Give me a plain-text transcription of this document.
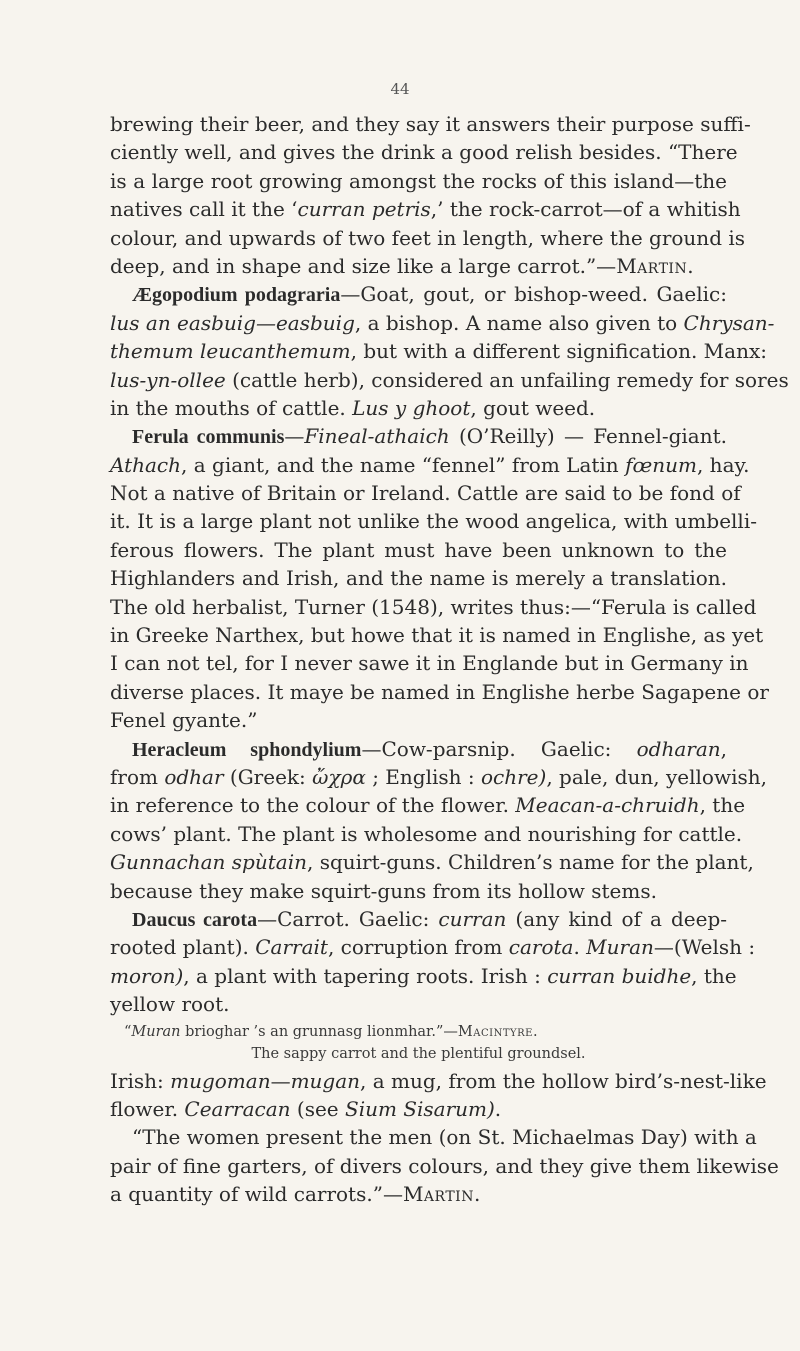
44
brewing their beer, and they say it answers their purpose suffi-
ciently well, and gives the drink a good relish besides. “There
is a large root growing amongst the rocks of this island—the
natives call it the ‘curran petris,’ the rock-carrot—of a whitish
colour, and upwards of two feet in length, where the ground is
deep, and in shape and size like a large carrot.”—Martin.
Ægopodium podagraria—Goat, gout, or bishop-weed. Gaelic:
lus an easbuig—easbuig, a bishop. A name also given to Chrysan-
themum leucanthemum, but with a different signification. Manx:
lus-yn-ollee (cattle herb), considered an unfailing remedy for sores
in the mouths of cattle. Lus y ghoot, gout weed.
Ferula communis—Fineal-athaich (O’Reilly) — Fennel-giant.
Athach, a giant, and the name “fennel” from Latin fœnum, hay.
Not a native of Britain or Ireland. Cattle are said to be fond of
it. It is a large plant not unlike the wood angelica, with umbelli-
ferous flowers. The plant must have been unknown to the
Highlanders and Irish, and the name is merely a translation.
The old herbalist, Turner (1548), writes thus:—“Ferula is called
in Greeke Narthex, but howe that it is named in Englishe, as yet
I can not tel, for I never sawe it in Englande but in Germany in
diverse places. It maye be named in Englishe herbe Sagapene or
Fenel gyante.”
Heracleum sphondylium—Cow-parsnip. Gaelic: odharan,
from odhar (Greek: ὤχρα ; English : ochre), pale, dun, yellowish,
in reference to the colour of the flower. Meacan-a-chruidh, the
cows’ plant. The plant is wholesome and nourishing for cattle.
Gunnachan spùtain, squirt-guns. Children’s name for the plant,
because they make squirt-guns from its hollow stems.
Daucus carota—Carrot. Gaelic: curran (any kind of a deep-
rooted plant). Carrait, corruption from carota. Muran—(Welsh :
moron), a plant with tapering roots. Irish : curran buidhe, the
yellow root.
“Muran brioghar ’s an grunnasg lionmhar.”—Macintyre.
The sappy carrot and the plentiful groundsel.
Irish: mugoman—mugan, a mug, from the hollow bird’s-nest-like
flower. Cearracan (see Sium Sisarum).
“The women present the men (on St. Michaelmas Day) with a
pair of fine garters, of divers colours, and they give them likewise
a quantity of wild carrots.”—Martin.
